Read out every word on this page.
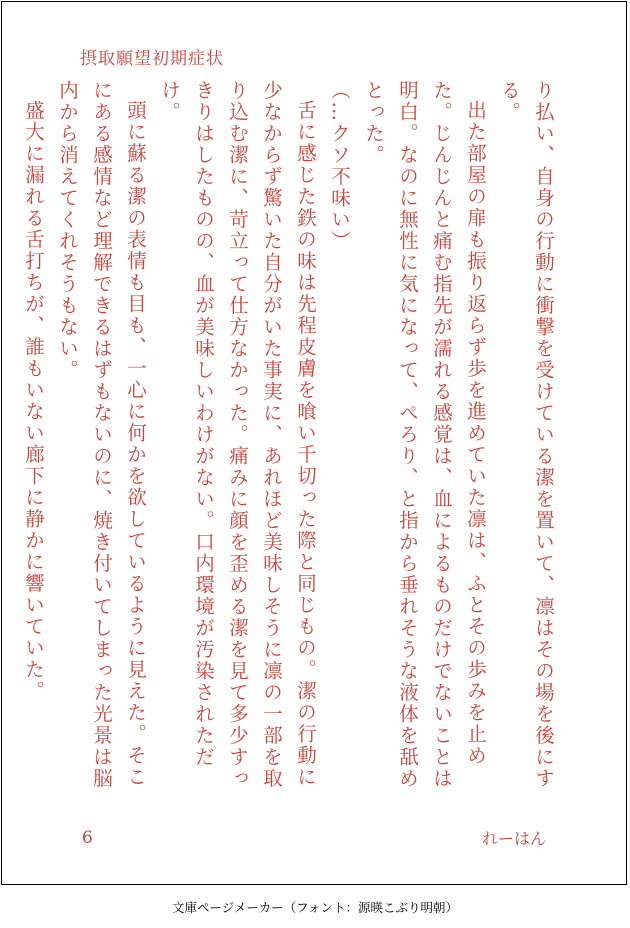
摂取願望初期症状

り払い、自身の行動に衝撃を受けている潔を置いて、凛はその場を後にする。

出た部屋の扉も振り返らず歩を進めていた凛は、ふとその歩みを止めた。じんじんと痛む指先が濡れる感覚は、血によるものだけでないことは明白。なのに無性に気になって、ぺろり、と指から垂れそうな液体を舐めとった。

（…クソ不味い）

舌に感じた鉄の味は先程皮膚を喰い千切った際と同じもの。潔の行動に少なからず驚いた自分がいた事実に、あれほど美味しそうに凛の一部を取り込む潔に、苛立って仕方なかった。痛みに顔を歪める潔を見て多少すっきりはしたものの、血が美味しいわけがない。口内環境が汚染されただけ。

頭に蘇る潔の表情も目も、一心に何かを欲しているように見えた。そこにある感情など理解できるはずもないのに、焼き付いてしまった光景は脳内から消えてくれそうもない。

盛大に漏れる舌打ちが、誰もいない廊下に静かに響いていた。

6	れーはん
文庫ページメーカー（フォント：源暎こぶり明朝）
